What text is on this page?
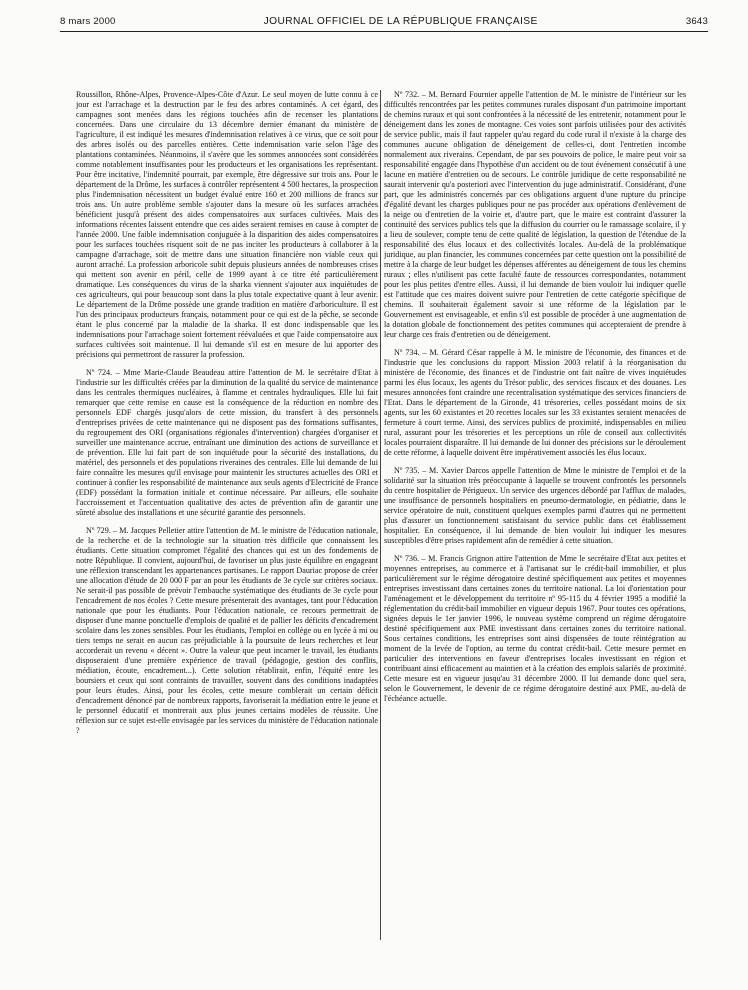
8 mars 2000	JOURNAL OFFICIEL DE LA RÉPUBLIQUE FRANÇAISE	3643

Roussillon, Rhône-Alpes, Provence-Alpes-Côte d'Azur. Le seul moyen de lutte connu à ce jour est l'arrachage et la destruction par le feu des arbres contaminés. A cet égard, des campagnes sont menées dans les régions touchées afin de recenser les plantations concernées. Dans une circulaire du 13 décembre dernier émanant du ministère de l'agriculture, il est indiqué les mesures d'indemnisation relatives à ce virus, que ce soit pour des arbres isolés ou des parcelles entières. Cette indemnisation varie selon l'âge des plantations contaminées. Néanmoins, il s'avère que les sommes annoncées sont considérées comme notablement insuffisantes pour les producteurs et les organisations les représentant. Pour être incitative, l'indemnité pourrait, par exemple, être dégressive sur trois ans. Pour le département de la Drôme, les surfaces à contrôler représentent 4 500 hectares, la prospection plus l'indemnisation nécessitent un budget évalué entre 160 et 200 millions de francs sur trois ans. Un autre problème semble s'ajouter dans la mesure où les surfaces arrachées bénéficient jusqu'à présent des aides compensatoires aux surfaces cultivées. Mais des informations récentes laissent entendre que ces aides seraient remises en cause à compter de l'année 2000. Une faible indemnisation conjuguée à la disparition des aides compensatoires pour les surfaces touchées risquent soit de ne pas inciter les producteurs à collaborer à la campagne d'arrachage, soit de mettre dans une situation financière non viable ceux qui auront arraché. La profession arboricole subit depuis plusieurs années de nombreuses crises qui mettent son avenir en péril, celle de 1999 ayant à ce titre été particulièrement dramatique. Les conséquences du virus de la sharka viennent s'ajouter aux inquiétudes de ces agriculteurs, qui pour beaucoup sont dans la plus totale expectative quant à leur avenir. Le département de la Drôme possède une grande tradition en matière d'arboriculture. Il est l'un des principaux producteurs français, notamment pour ce qui est de la pêche, se seconde étant le plus concerné par la maladie de la sharka. Il est donc indispensable que les indemnisations pour l'arrachage soient fortement réévaluées et que l'aide compensatoire aux surfaces cultivées soit maintenue. Il lui demande s'il est en mesure de lui apporter des précisions qui permettront de rassurer la profession.

Nº 724. – Mme Marie-Claude Beaudeau attire l'attention de M. le secrétaire d'Etat à l'industrie sur les difficultés créées par la diminution de la qualité du service de maintenance dans les centrales thermiques nucléaires, à flamme et centrales hydrauliques. Elle lui fait remarquer que cette remise en cause est la conséquence de la réduction en nombre des personnels EDF chargés jusqu'alors de cette mission, du transfert à des personnels d'entreprises privées de cette maintenance qui ne disposent pas des formations suffisantes, du regroupement des ORI (organisations régionales d'intervention) chargées d'organiser et surveiller une maintenance accrue, entraînant une diminution des actions de surveillance et de prévention. Elle lui fait part de son inquiétude pour la sécurité des installations, du matériel, des personnels et des populations riveraines des centrales. Elle lui demande de lui faire connaître les mesures qu'il envisage pour maintenir les structures actuelles des ORI et continuer à confier les responsabilité de maintenance aux seuls agents d'Electricité de France (EDF) possédant la formation initiale et continue nécessaire. Par ailleurs, elle souhaite l'accroissement et l'accentuation qualitative des actes de prévention afin de garantir une sûreté absolue des installations et une sécurité garantie des personnels.

Nº 729. – M. Jacques Pelletier attire l'attention de M. le ministre de l'éducation nationale, de la recherche et de la technologie sur la situation très difficile que connaissent les étudiants. Cette situation compromet l'égalité des chances qui est un des fondements de notre République. Il convient, aujourd'hui, de favoriser un plus juste équilibre en engageant une réflexion transcendant les appartenances partisanes. Le rapport Dauriac propose de créer une allocation d'étude de 20 000 F par an pour les étudiants de 3e cycle sur critères sociaux. Ne serait-il pas possible de prévoir l'embauche systématique des étudiants de 3e cycle pour l'encadrement de nos écoles ? Cette mesure présenterait des avantages, tant pour l'éducation nationale que pour les étudiants. Pour l'éducation nationale, ce recours permettrait de disposer d'une manne ponctuelle d'emplois de qualité et de pallier les déficits d'encadrement scolaire dans les zones sensibles. Pour les étudiants, l'emploi en collège ou en lycée à mi ou tiers temps ne serait en aucun cas préjudiciable à la poursuite de leurs recherches et leur accorderait un revenu « décent ». Outre la valeur que peut incarner le travail, les étudiants disposeraient d'une première expérience de travail (pédagogie, gestion des conflits, médiation, écoute, encadrement...). Cette solution rétablirait, enfin, l'équité entre les boursiers et ceux qui sont contraints de travailler, souvent dans des conditions inadaptées pour leurs études. Ainsi, pour les écoles, cette mesure comblerait un certain déficit d'encadrement dénoncé par de nombreux rapports, favoriserait la médiation entre le jeune et le personnel éducatif et montrerait aux plus jeunes certains modèles de réussite. Une réflexion sur ce sujet est-elle envisagée par les services du ministère de l'éducation nationale ?

Nº 732. – M. Bernard Fournier appelle l'attention de M. le ministre de l'intérieur sur les difficultés rencontrées par les petites communes rurales disposant d'un patrimoine important de chemins ruraux et qui sont confrontées à la nécessité de les entretenir, notamment pour le déneigement dans les zones de montagne. Ces voies sont parfois utilisées pour des activités de service public, mais il faut rappeler qu'au regard du code rural il n'existe à la charge des communes aucune obligation de déneigement de celles-ci, dont l'entretien incombe normalement aux riverains. Cependant, de par ses pouvoirs de police, le maire peut voir sa responsabilité engagée dans l'hypothèse d'un accident ou de tout événement consécutif à une lacune en matière d'entretien ou de secours. Le contrôle juridique de cette responsabilité ne saurait intervenir qu'a posteriori avec l'intervention du juge administratif. Considérant, d'une part, que les administrés concernés par ces obligations arguent d'une rupture du principe d'égalité devant les charges publiques pour ne pas procéder aux opérations d'enlèvement de la neige ou d'entretien de la voirie et, d'autre part, que le maire est contraint d'assurer la continuité des services publics tels que la diffusion du courrier ou le ramassage scolaire, il y a lieu de soulever, compte tenu de cette qualité de législation, la question de l'étendue de la responsabilité des élus locaux et des collectivités locales. Au-delà de la problématique juridique, au plan financier, les communes concernées par cette question ont la possibilité de mettre à la charge de leur budget les dépenses afférentes au déneigement de tous les chemins ruraux ; elles n'utilisent pas cette faculté faute de ressources correspondantes, notamment pour les plus petites d'entre elles. Aussi, il lui demande de bien vouloir lui indiquer quelle est l'attitude que ces maires doivent suivre pour l'entretien de cette catégorie spécifique de chemins. Il souhaiterait également savoir si une réforme de la législation par le Gouvernement est envisageable, et enfin s'il est possible de procéder à une augmentation de la dotation globale de fonctionnement des petites communes qui accepteraient de prendre à leur charge ces frais d'entretien ou de déneigement.

Nº 734. – M. Gérard César rappelle à M. le ministre de l'économie, des finances et de l'industrie que les conclusions du rapport Mission 2003 relatif à la réorganisation du ministère de l'économie, des finances et de l'industrie ont fait naître de vives inquiétudes parmi les élus locaux, les agents du Trésor public, des services fiscaux et des douanes. Les mesures annoncées font craindre une recentralisation systématique des services financiers de l'Etat. Dans le département de la Gironde, 41 trésoreries, celles possédant moins de six agents, sur les 60 existantes et 20 recettes locales sur les 33 existantes seraient menacées de fermeture à court terme. Ainsi, des services publics de proximité, indispensables en milieu rural, assurant pour les trésoreries et les perceptions un rôle de conseil aux collectivités locales pourraient disparaître. Il lui demande de lui donner des précisions sur le déroulement de cette réforme, à laquelle doivent être impérativement associés les élus locaux.

Nº 735. – M. Xavier Darcos appelle l'attention de Mme le ministre de l'emploi et de la solidarité sur la situation très préoccupante à laquelle se trouvent confrontés les personnels du centre hospitalier de Périgueux. Un service des urgences débordé par l'afflux de malades, une insuffisance de personnels hospitaliers en pneumo-dermatologie, en pédiatrie, dans le service opératoire de nuit, constituent quelques exemples parmi d'autres qui ne permettent plus d'assurer un fonctionnement satisfaisant du service public dans cet établissement hospitalier. En conséquence, il lui demande de bien vouloir lui indiquer les mesures susceptibles d'être prises rapidement afin de remédier à cette situation.

Nº 736. – M. Francis Grignon attire l'attention de Mme le secrétaire d'Etat aux petites et moyennes entreprises, au commerce et à l'artisanat sur le crédit-bail immobilier, et plus particulièrement sur le régime dérogatoire destiné spécifiquement aux petites et moyennes entreprises investissant dans certaines zones du territoire national. La loi d'orientation pour l'aménagement et le développement du territoire nº 95-115 du 4 février 1995 a modifié la réglementation du crédit-bail immobilier en vigueur depuis 1967. Pour toutes ces opérations, signées depuis le 1er janvier 1996, le nouveau système comprend un régime dérogatoire destiné spécifiquement aux PME investissant dans certaines zones du territoire national. Sous certaines conditions, les entreprises sont ainsi dispensées de toute réintégration au moment de la levée de l'option, au terme du contrat crédit-bail. Cette mesure permet en particulier des interventions en faveur d'entreprises locales investissant en région et contribuant ainsi efficacement au maintien et à la création des emplois salariés de proximité. Cette mesure est en vigueur jusqu'au 31 décembre 2000. Il lui demande donc quel sera, selon le Gouvernement, le devenir de ce régime dérogatoire destiné aux PME, au-delà de l'échéance actuelle.
